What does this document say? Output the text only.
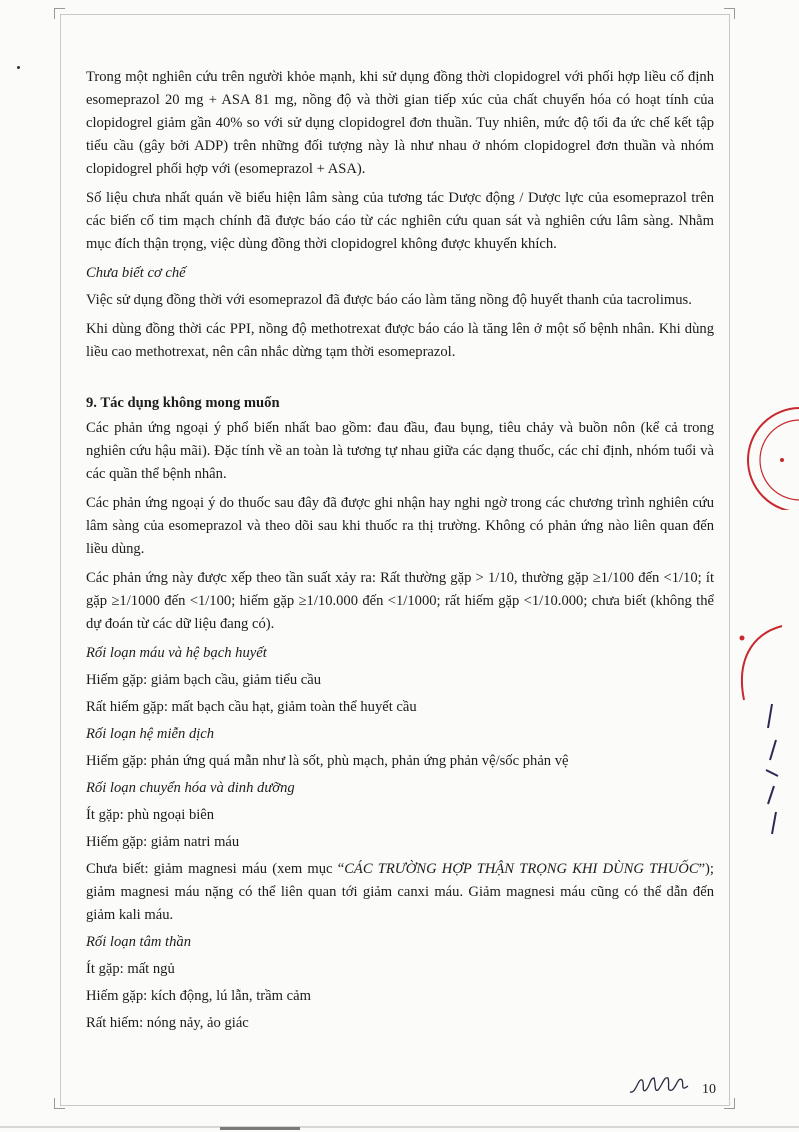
Trong một nghiên cứu trên người khỏe mạnh, khi sử dụng đồng thời clopidogrel với phối hợp liều cố định esomeprazol 20 mg + ASA 81 mg, nồng độ và thời gian tiếp xúc của chất chuyển hóa có hoạt tính của clopidogrel giảm gần 40% so với sử dụng clopidogrel đơn thuần. Tuy nhiên, mức độ tối đa ức chế kết tập tiểu cầu (gây bởi ADP) trên những đối tượng này là như nhau ở nhóm clopidogrel đơn thuần và nhóm clopidogrel phối hợp với (esomeprazol + ASA).

Số liệu chưa nhất quán về biểu hiện lâm sàng của tương tác Dược động / Dược lực của esomeprazol trên các biến cố tim mạch chính đã được báo cáo từ các nghiên cứu quan sát và nghiên cứu lâm sàng. Nhằm mục đích thận trọng, việc dùng đồng thời clopidogrel không được khuyến khích.

Chưa biết cơ chế

Việc sử dụng đồng thời với esomeprazol đã được báo cáo làm tăng nồng độ huyết thanh của tacrolimus.

Khi dùng đồng thời các PPI, nồng độ methotrexat được báo cáo là tăng lên ở một số bệnh nhân. Khi dùng liều cao methotrexat, nên cân nhắc dừng tạm thời esomeprazol.

9. Tác dụng không mong muốn

Các phản ứng ngoại ý phổ biến nhất bao gồm: đau đầu, đau bụng, tiêu chảy và buồn nôn (kể cả trong nghiên cứu hậu mãi). Đặc tính về an toàn là tương tự nhau giữa các dạng thuốc, các chỉ định, nhóm tuổi và các quần thể bệnh nhân.

Các phản ứng ngoại ý do thuốc sau đây đã được ghi nhận hay nghi ngờ trong các chương trình nghiên cứu lâm sàng của esomeprazol và theo dõi sau khi thuốc ra thị trường. Không có phản ứng nào liên quan đến liều dùng.

Các phản ứng này được xếp theo tần suất xảy ra: Rất thường gặp > 1/10, thường gặp ≥1/100 đến <1/10; ít gặp ≥1/1000 đến <1/100; hiếm gặp ≥1/10.000 đến <1/1000; rất hiếm gặp <1/10.000; chưa biết (không thể dự đoán từ các dữ liệu đang có).

Rối loạn máu và hệ bạch huyết

Hiếm gặp: giảm bạch cầu, giảm tiểu cầu

Rất hiếm gặp: mất bạch cầu hạt, giảm toàn thể huyết cầu

Rối loạn hệ miễn dịch

Hiếm gặp: phản ứng quá mẫn như là sốt, phù mạch, phản ứng phản vệ/sốc phản vệ

Rối loạn chuyển hóa và dinh dưỡng

Ít gặp: phù ngoại biên

Hiếm gặp: giảm natri máu

Chưa biết: giảm magnesi máu (xem mục “CÁC TRƯỜNG HỢP THẬN TRỌNG KHI DÙNG THUỐC”); giảm magnesi máu nặng có thể liên quan tới giảm canxi máu. Giảm magnesi máu cũng có thể dẫn đến giảm kali máu.

Rối loạn tâm thần

Ít gặp: mất ngủ

Hiếm gặp: kích động, lú lẫn, trầm cảm

Rất hiếm: nóng nảy, ảo giác

10
